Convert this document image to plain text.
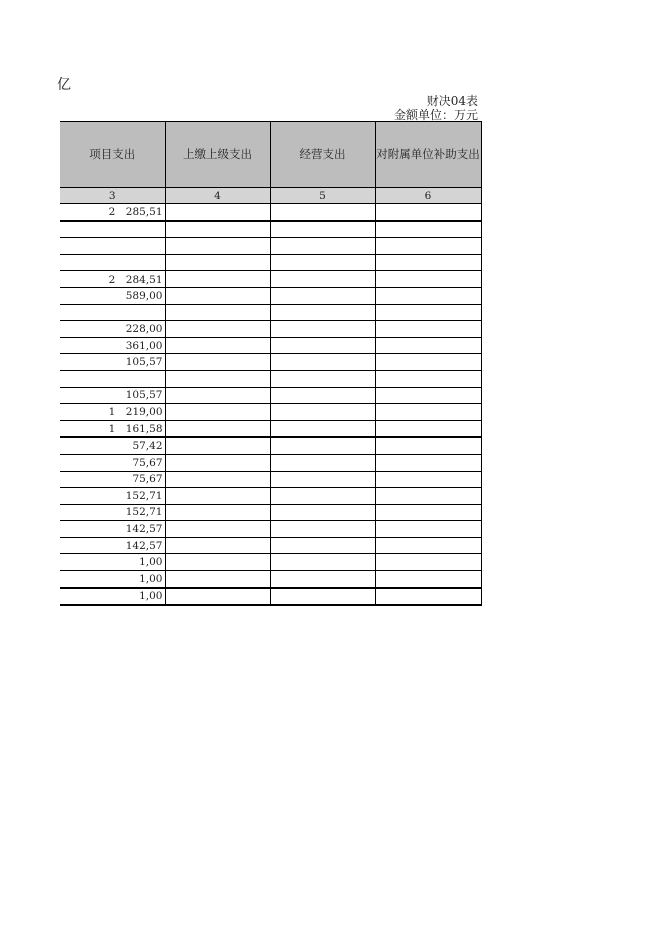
亿
财决04表
金额单位：万元
项目支出	上缴上级支出	经营支出	对附属单位补助支出
3	4	5	6
2　285,51			

2　284,51			
589,00			

228,00			
361,00			
105,57			

105,57			
1　219,00			
1　161,58			
57,42			
75,67			
75,67			
152,71			
152,71			
142,57			
142,57			
1,00			
1,00			
1,00			
